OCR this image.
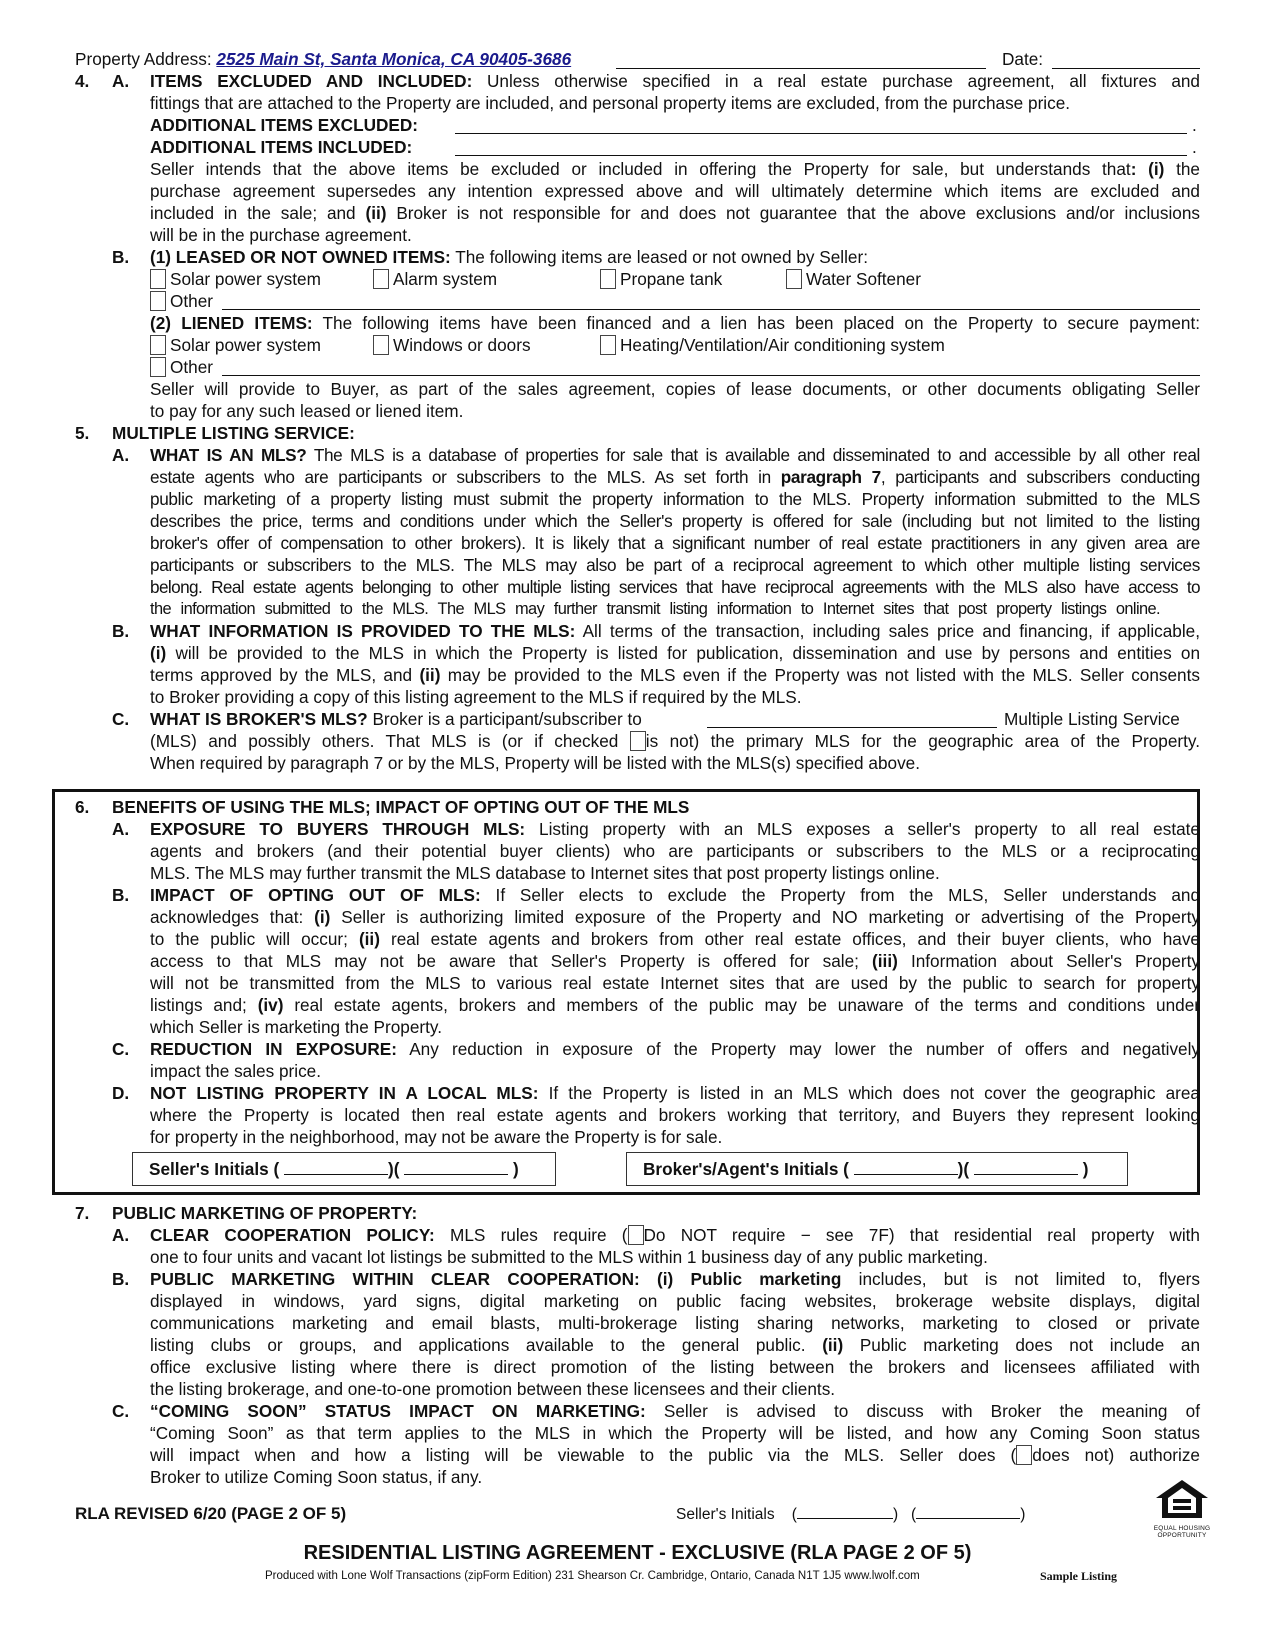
Property Address: 2525 Main St, Santa Monica, CA 90405-3686	Date:
4. A. ITEMS EXCLUDED AND INCLUDED: Unless otherwise specified in a real estate purchase agreement, all fixtures and
fittings that are attached to the Property are included, and personal property items are excluded, from the purchase price.
ADDITIONAL ITEMS EXCLUDED:	.
ADDITIONAL ITEMS INCLUDED:	.
Seller intends that the above items be excluded or included in offering the Property for sale, but understands that: (i) the
purchase agreement supersedes any intention expressed above and will ultimately determine which items are excluded and
included in the sale; and (ii) Broker is not responsible for and does not guarantee that the above exclusions and/or inclusions
will be in the purchase agreement.
B. (1) LEASED OR NOT OWNED ITEMS: The following items are leased or not owned by Seller:
Solar power system	Alarm system	Propane tank	Water Softener
Other
(2) LIENED ITEMS: The following items have been financed and a lien has been placed on the Property to secure payment:
Solar power system	Windows or doors	Heating/Ventilation/Air conditioning system
Other
Seller will provide to Buyer, as part of the sales agreement, copies of lease documents, or other documents obligating Seller
to pay for any such leased or liened item.
5. MULTIPLE LISTING SERVICE:
A. WHAT IS AN MLS? The MLS is a database of properties for sale that is available and disseminated to and accessible by all other real
estate agents who are participants or subscribers to the MLS. As set forth in paragraph 7, participants and subscribers conducting
public marketing of a property listing must submit the property information to the MLS. Property information submitted to the MLS
describes the price, terms and conditions under which the Seller's property is offered for sale (including but not limited to the listing
broker's offer of compensation to other brokers). It is likely that a significant number of real estate practitioners in any given area are
participants or subscribers to the MLS. The MLS may also be part of a reciprocal agreement to which other multiple listing services
belong. Real estate agents belonging to other multiple listing services that have reciprocal agreements with the MLS also have access to
the information submitted to the MLS. The MLS may further transmit listing information to Internet sites that post property listings online.
B. WHAT INFORMATION IS PROVIDED TO THE MLS: All terms of the transaction, including sales price and financing, if applicable,
(i) will be provided to the MLS in which the Property is listed for publication, dissemination and use by persons and entities on
terms approved by the MLS, and (ii) may be provided to the MLS even if the Property was not listed with the MLS. Seller consents
to Broker providing a copy of this listing agreement to the MLS if required by the MLS.
C. WHAT IS BROKER'S MLS? Broker is a participant/subscriber to	Multiple Listing Service
(MLS) and possibly others. That MLS is (or if checked is not) the primary MLS for the geographic area of the Property.
When required by paragraph 7 or by the MLS, Property will be listed with the MLS(s) specified above.
6. BENEFITS OF USING THE MLS; IMPACT OF OPTING OUT OF THE MLS
A. EXPOSURE TO BUYERS THROUGH MLS: Listing property with an MLS exposes a seller's property to all real estate
agents and brokers (and their potential buyer clients) who are participants or subscribers to the MLS or a reciprocating
MLS. The MLS may further transmit the MLS database to Internet sites that post property listings online.
B. IMPACT OF OPTING OUT OF MLS: If Seller elects to exclude the Property from the MLS, Seller understands and
acknowledges that: (i) Seller is authorizing limited exposure of the Property and NO marketing or advertising of the Property
to the public will occur; (ii) real estate agents and brokers from other real estate offices, and their buyer clients, who have
access to that MLS may not be aware that Seller's Property is offered for sale; (iii) Information about Seller's Property
will not be transmitted from the MLS to various real estate Internet sites that are used by the public to search for property
listings and; (iv) real estate agents, brokers and members of the public may be unaware of the terms and conditions under
which Seller is marketing the Property.
C. REDUCTION IN EXPOSURE: Any reduction in exposure of the Property may lower the number of offers and negatively
impact the sales price.
D. NOT LISTING PROPERTY IN A LOCAL MLS: If the Property is listed in an MLS which does not cover the geographic area
where the Property is located then real estate agents and brokers working that territory, and Buyers they represent looking
for property in the neighborhood, may not be aware the Property is for sale.
Seller's Initials (	)(	)	Broker's/Agent's Initials (	)(	)
7. PUBLIC MARKETING OF PROPERTY:
A. CLEAR COOPERATION POLICY: MLS rules require ( Do NOT require − see 7F) that residential real property with
one to four units and vacant lot listings be submitted to the MLS within 1 business day of any public marketing.
B. PUBLIC MARKETING WITHIN CLEAR COOPERATION: (i) Public marketing includes, but is not limited to, flyers
displayed in windows, yard signs, digital marketing on public facing websites, brokerage website displays, digital
communications marketing and email blasts, multi-brokerage listing sharing networks, marketing to closed or private
listing clubs or groups, and applications available to the general public. (ii) Public marketing does not include an
office exclusive listing where there is direct promotion of the listing between the brokers and licensees affiliated with
the listing brokerage, and one-to-one promotion between these licensees and their clients.
C. “COMING SOON” STATUS IMPACT ON MARKETING: Seller is advised to discuss with Broker the meaning of
“Coming Soon” as that term applies to the MLS in which the Property will be listed, and how any Coming Soon status
will impact when and how a listing will be viewable to the public via the MLS. Seller does ( does not) authorize
Broker to utilize Coming Soon status, if any.
RLA REVISED 6/20 (PAGE 2 OF 5)	Seller's Initials    (	)   (	)
EQUAL HOUSING
OPPORTUNITY
RESIDENTIAL LISTING AGREEMENT - EXCLUSIVE (RLA PAGE 2 OF 5)
Produced with Lone Wolf Transactions (zipForm Edition) 231 Shearson Cr. Cambridge, Ontario, Canada N1T 1J5 www.lwolf.com	Sample Listing
